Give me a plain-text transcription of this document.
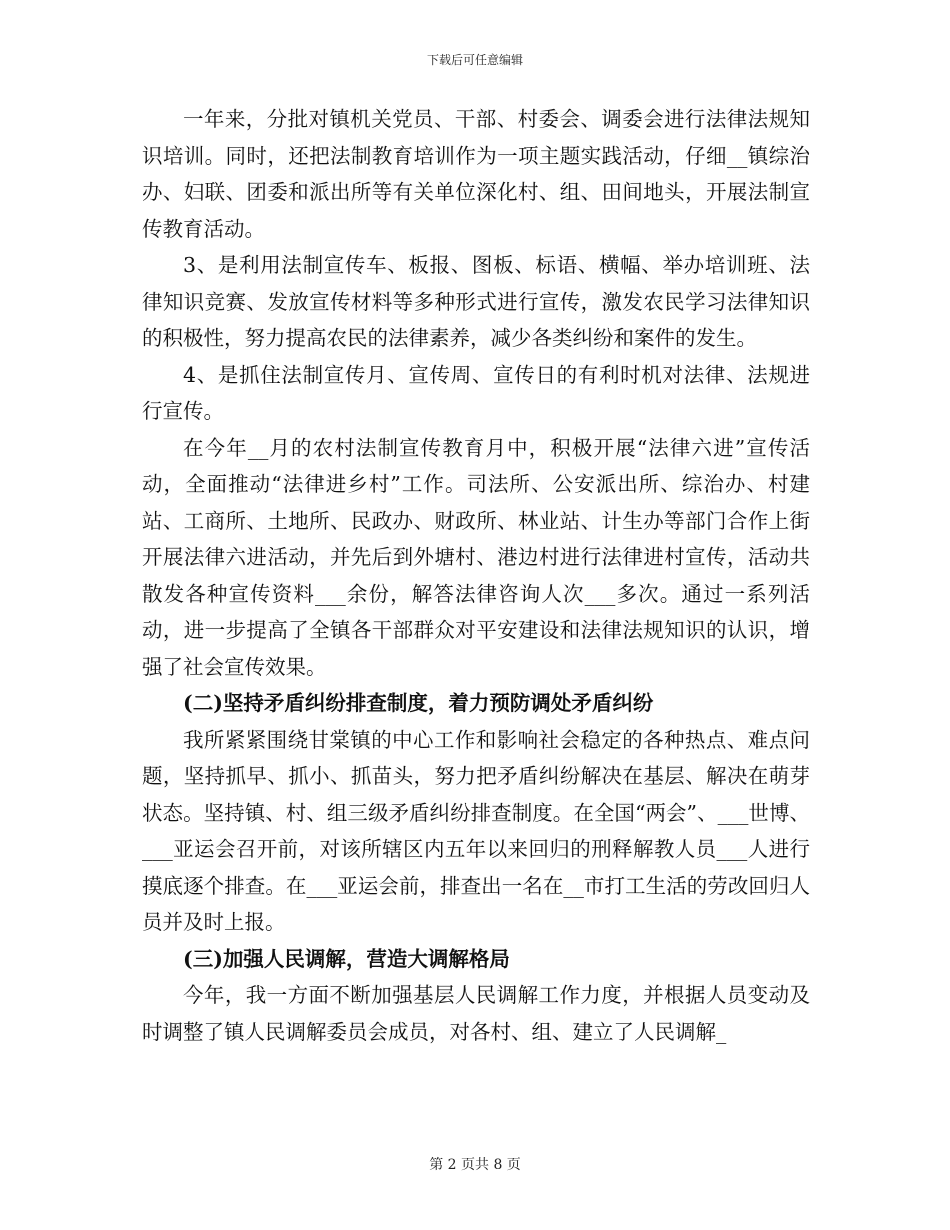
下载后可任意编辑

一年来，分批对镇机关党员、干部、村委会、调委会进行法律法规知识培训。同时，还把法制教育培训作为一项主题实践活动，仔细__镇综治办、妇联、团委和派出所等有关单位深化村、组、田间地头，开展法制宣传教育活动。

3、是利用法制宣传车、板报、图板、标语、横幅、举办培训班、法律知识竞赛、发放宣传材料等多种形式进行宣传，激发农民学习法律知识的积极性，努力提高农民的法律素养，减少各类纠纷和案件的发生。

4、是抓住法制宣传月、宣传周、宣传日的有利时机对法律、法规进行宣传。

在今年__月的农村法制宣传教育月中，积极开展“法律六进”宣传活动，全面推动“法律进乡村”工作。司法所、公安派出所、综治办、村建站、工商所、土地所、民政办、财政所、林业站、计生办等部门合作上街开展法律六进活动，并先后到外塘村、港边村进行法律进村宣传，活动共散发各种宣传资料___余份，解答法律咨询人次___多次。通过一系列活动，进一步提高了全镇各干部群众对平安建设和法律法规知识的认识，增强了社会宣传效果。

(二)坚持矛盾纠纷排查制度，着力预防调处矛盾纠纷

我所紧紧围绕甘棠镇的中心工作和影响社会稳定的各种热点、难点问题，坚持抓早、抓小、抓苗头，努力把矛盾纠纷解决在基层、解决在萌芽状态。坚持镇、村、组三级矛盾纠纷排查制度。在全国“两会”、___世博、___亚运会召开前，对该所辖区内五年以来回归的刑释解教人员___人进行摸底逐个排查。在___亚运会前，排查出一名在__市打工生活的劳改回归人员并及时上报。

(三)加强人民调解，营造大调解格局

今年，我一方面不断加强基层人民调解工作力度，并根据人员变动及时调整了镇人民调解委员会成员，对各村、组、建立了人民调解_

第 2 页共 8 页
